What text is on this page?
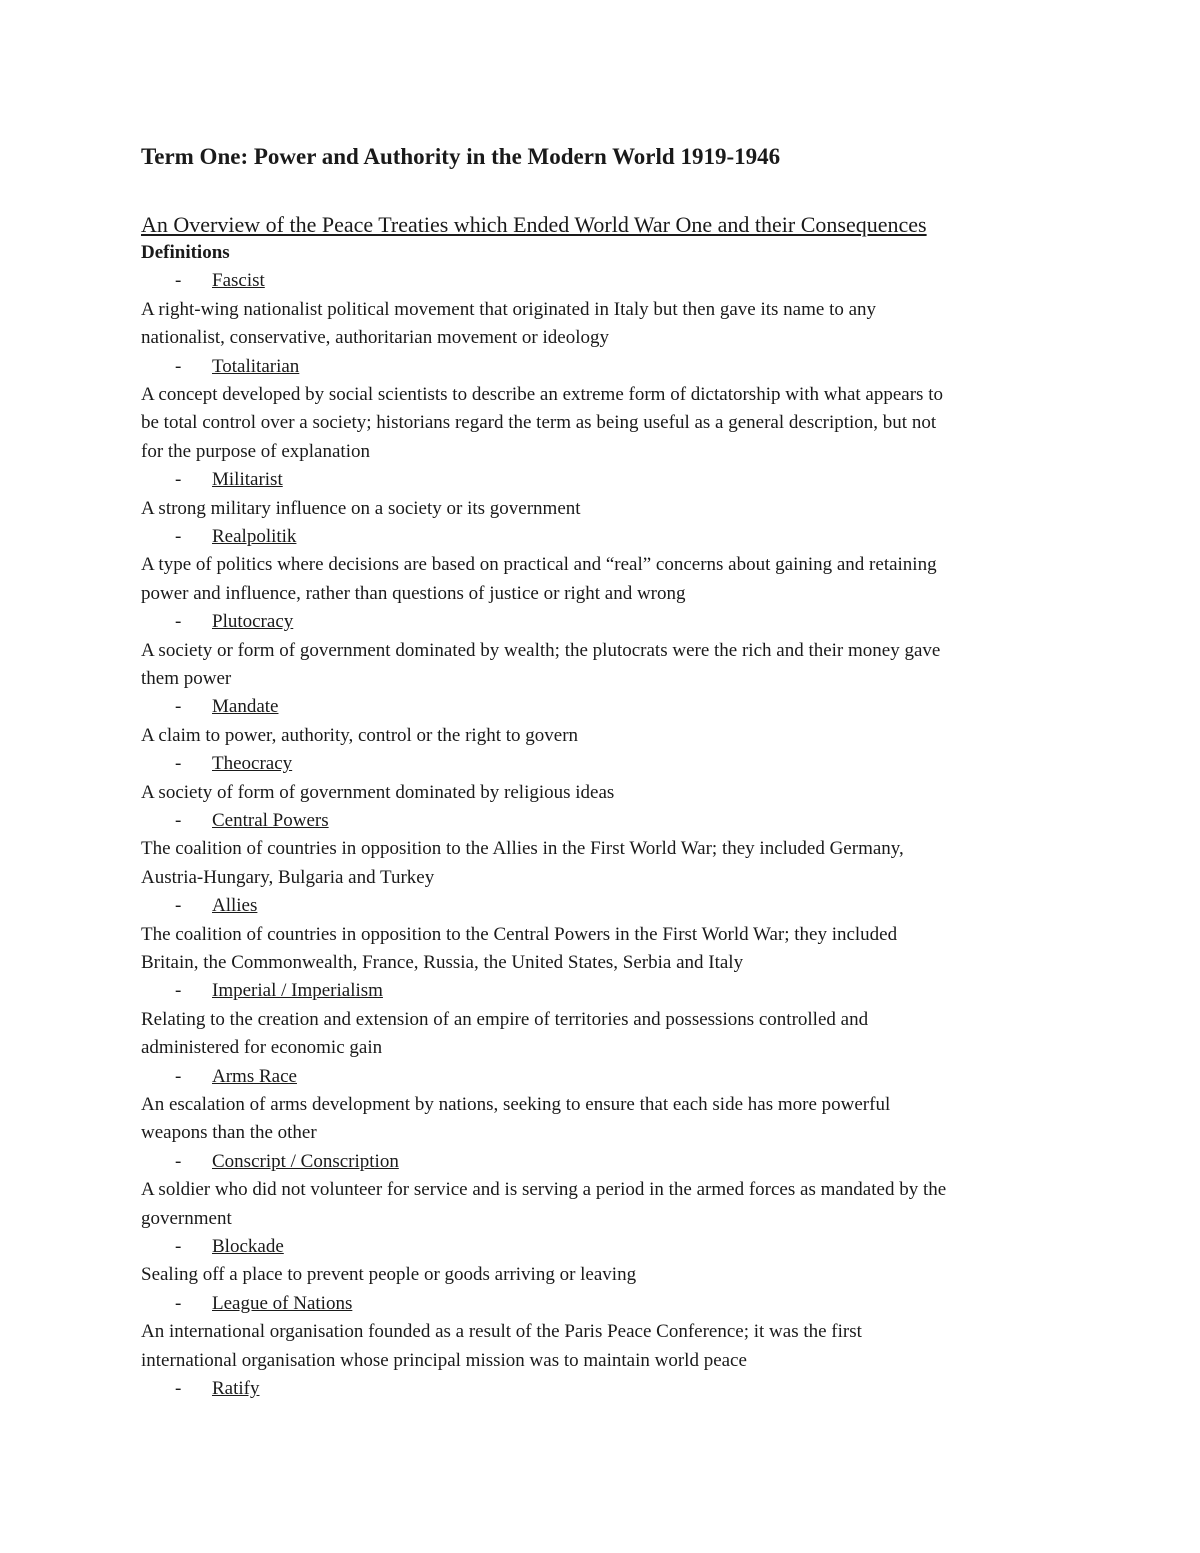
Term One: Power and Authority in the Modern World 1919-1946
An Overview of the Peace Treaties which Ended World War One and their Consequences
Definitions
- Fascist

A right-wing nationalist political movement that originated in Italy but then gave its name to any

nationalist, conservative, authoritarian movement or ideology

- Totalitarian

A concept developed by social scientists to describe an extreme form of dictatorship with what appears to

be total control over a society; historians regard the term as being useful as a general description, but not

for the purpose of explanation

- Militarist

A strong military influence on a society or its government

- Realpolitik

A type of politics where decisions are based on practical and “real” concerns about gaining and retaining

power and influence, rather than questions of justice or right and wrong

- Plutocracy

A society or form of government dominated by wealth; the plutocrats were the rich and their money gave

them power

- Mandate

A claim to power, authority, control or the right to govern

- Theocracy

A society of form of government dominated by religious ideas

- Central Powers

The coalition of countries in opposition to the Allies in the First World War; they included Germany,

Austria-Hungary, Bulgaria and Turkey

- Allies

The coalition of countries in opposition to the Central Powers in the First World War; they included

Britain, the Commonwealth, France, Russia, the United States, Serbia and Italy

- Imperial / Imperialism

Relating to the creation and extension of an empire of territories and possessions controlled and

administered for economic gain

- Arms Race

An escalation of arms development by nations, seeking to ensure that each side has more powerful

weapons than the other

- Conscript / Conscription

A soldier who did not volunteer for service and is serving a period in the armed forces as mandated by the

government

- Blockade

Sealing off a place to prevent people or goods arriving or leaving

- League of Nations

An international organisation founded as a result of the Paris Peace Conference; it was the first

international organisation whose principal mission was to maintain world peace

- Ratify
